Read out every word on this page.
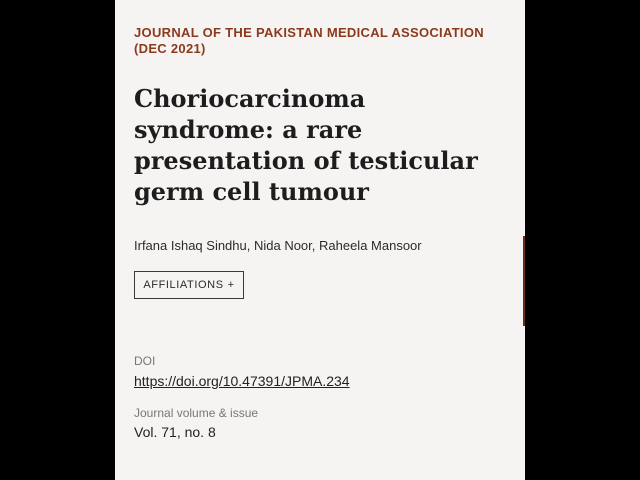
JOURNAL OF THE PAKISTAN MEDICAL ASSOCIATION
(DEC 2021)
Choriocarcinoma
syndrome: a rare
presentation of testicular
germ cell tumour
Irfana Ishaq Sindhu, Nida Noor, Raheela Mansoor
AFFILIATIONS +
DOI
https://doi.org/10.47391/JPMA.234
Journal volume & issue
Vol. 71, no. 8
